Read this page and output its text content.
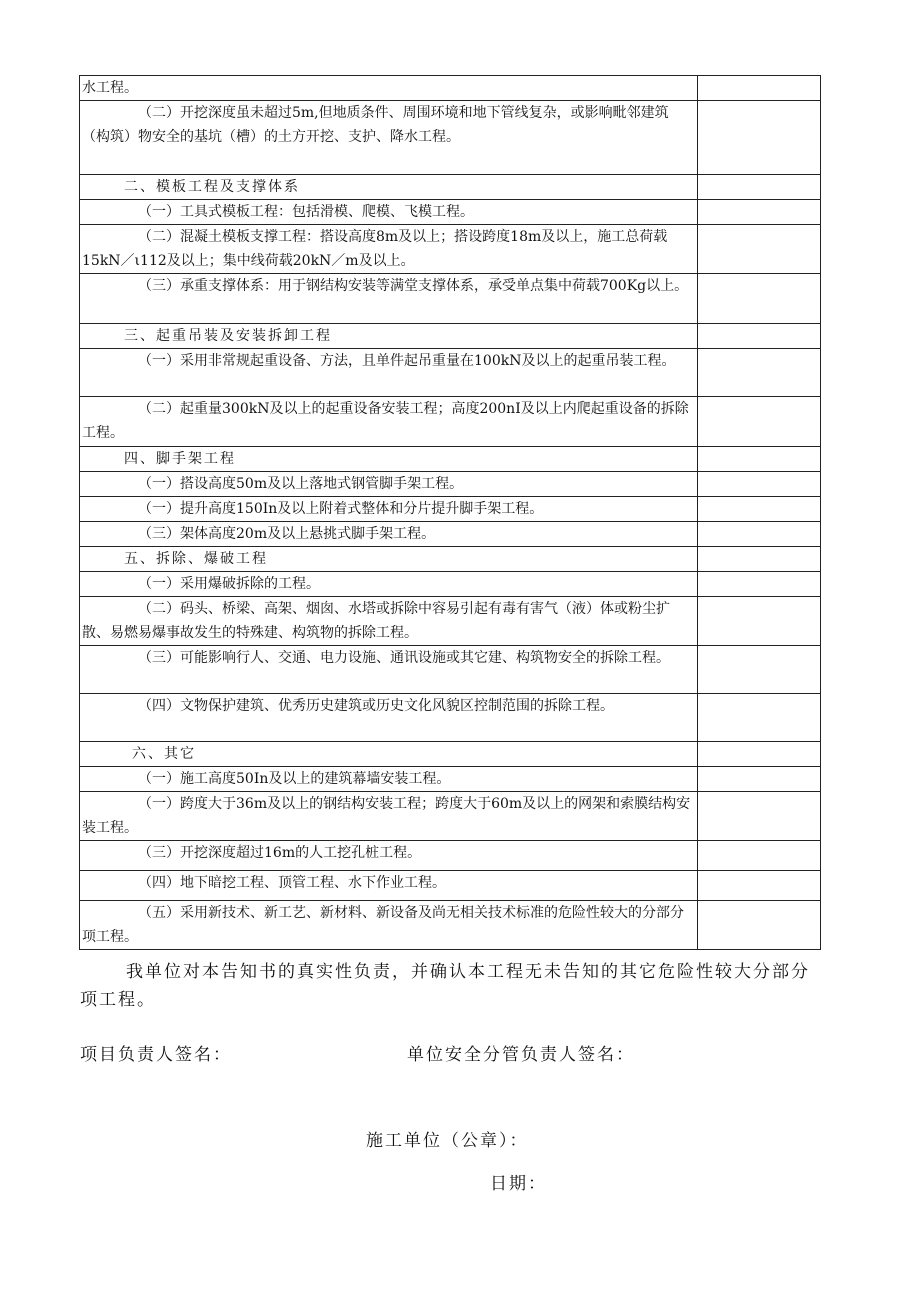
水工程。	
（二）开挖深度虽未超过5m,但地质条件、周围环境和地下管线复杂，或影响毗邻建筑（构筑）物安全的基坑（槽）的土方开挖、支护、降水工程。	
二、模板工程及支撑体系	
（一）工具式模板工程：包括滑模、爬模、飞模工程。	
（二）混凝土模板支撑工程：搭设高度8m及以上；搭设跨度18m及以上，施工总荷载15kN／ι112及以上；集中线荷载20kN／m及以上。	
（三）承重支撑体系：用于钢结构安装等满堂支撑体系，承受单点集中荷载700Kg以上。	
三、起重吊装及安装拆卸工程	
（一）采用非常规起重设备、方法，且单件起吊重量在100kN及以上的起重吊装工程。	
（二）起重量300kN及以上的起重设备安装工程；高度200nI及以上内爬起重设备的拆除工程。	
四、脚手架工程	
（一）搭设高度50m及以上落地式钢管脚手架工程。	
（一）提升高度150In及以上附着式整体和分片提升脚手架工程。	
（三）架体高度20m及以上悬挑式脚手架工程。	
五、拆除、爆破工程	
（一）采用爆破拆除的工程。	
（二）码头、桥梁、高架、烟囱、水塔或拆除中容易引起有毒有害气（液）体或粉尘扩散、易燃易爆事故发生的特殊建、构筑物的拆除工程。	
（三）可能影响行人、交通、电力设施、通讯设施或其它建、构筑物安全的拆除工程。	
（四）文物保护建筑、优秀历史建筑或历史文化风貌区控制范围的拆除工程。	
六、其它	
（一）施工高度50In及以上的建筑幕墙安装工程。	
（一）跨度大于36m及以上的钢结构安装工程；跨度大于60m及以上的网架和索膜结构安装工程。	
（三）开挖深度超过16m的人工挖孔桩工程。	
（四）地下暗挖工程、顶管工程、水下作业工程。	
（五）采用新技术、新工艺、新材料、新设备及尚无相关技术标准的危险性较大的分部分项工程。	
我单位对本告知书的真实性负责，并确认本工程无未告知的其它危险性较大分部分项工程。
项目负责人签名：	单位安全分管负责人签名：
施工单位（公章）：
日期：
